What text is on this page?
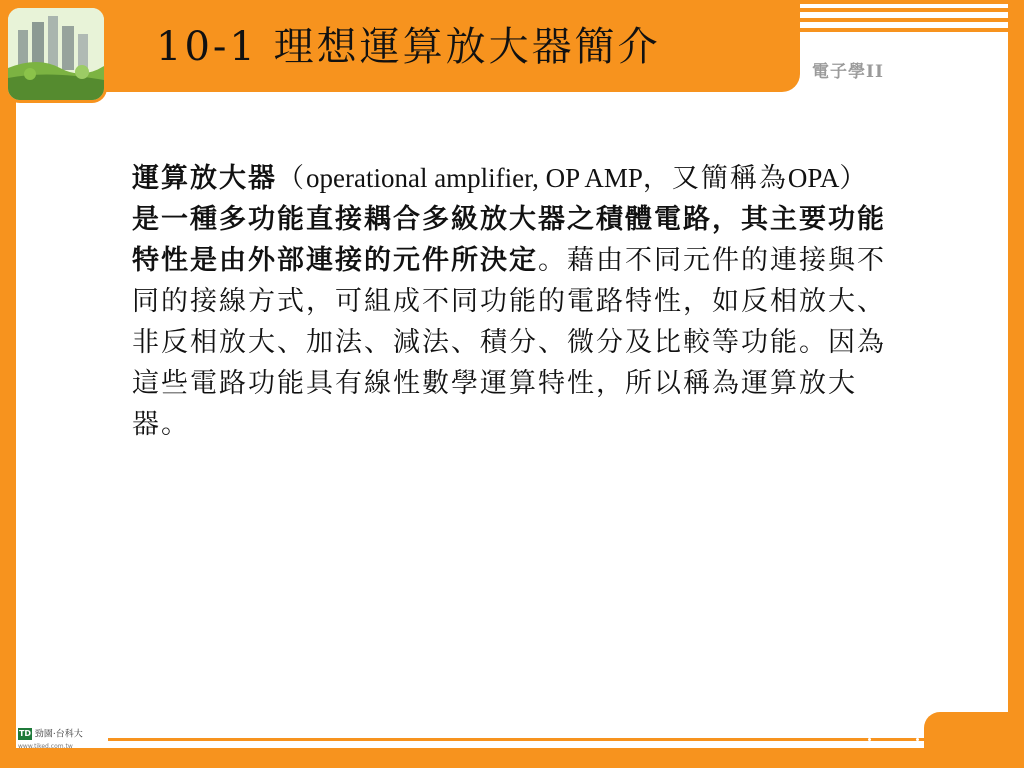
10-1 理想運算放大器簡介
電子學II
運算放大器（operational amplifier, OP AMP，又簡稱為OPA）是一種多功能直接耦合多級放大器之積體電路，其主要功能特性是由外部連接的元件所決定。藉由不同元件的連接與不同的接線方式，可組成不同功能的電路特性，如反相放大、非反相放大、加法、減法、積分、微分及比較等功能。因為這些電路功能具有線性數學運算特性，所以稱為運算放大器。
TD 勁園·台科大
www.tiked.com.tw
